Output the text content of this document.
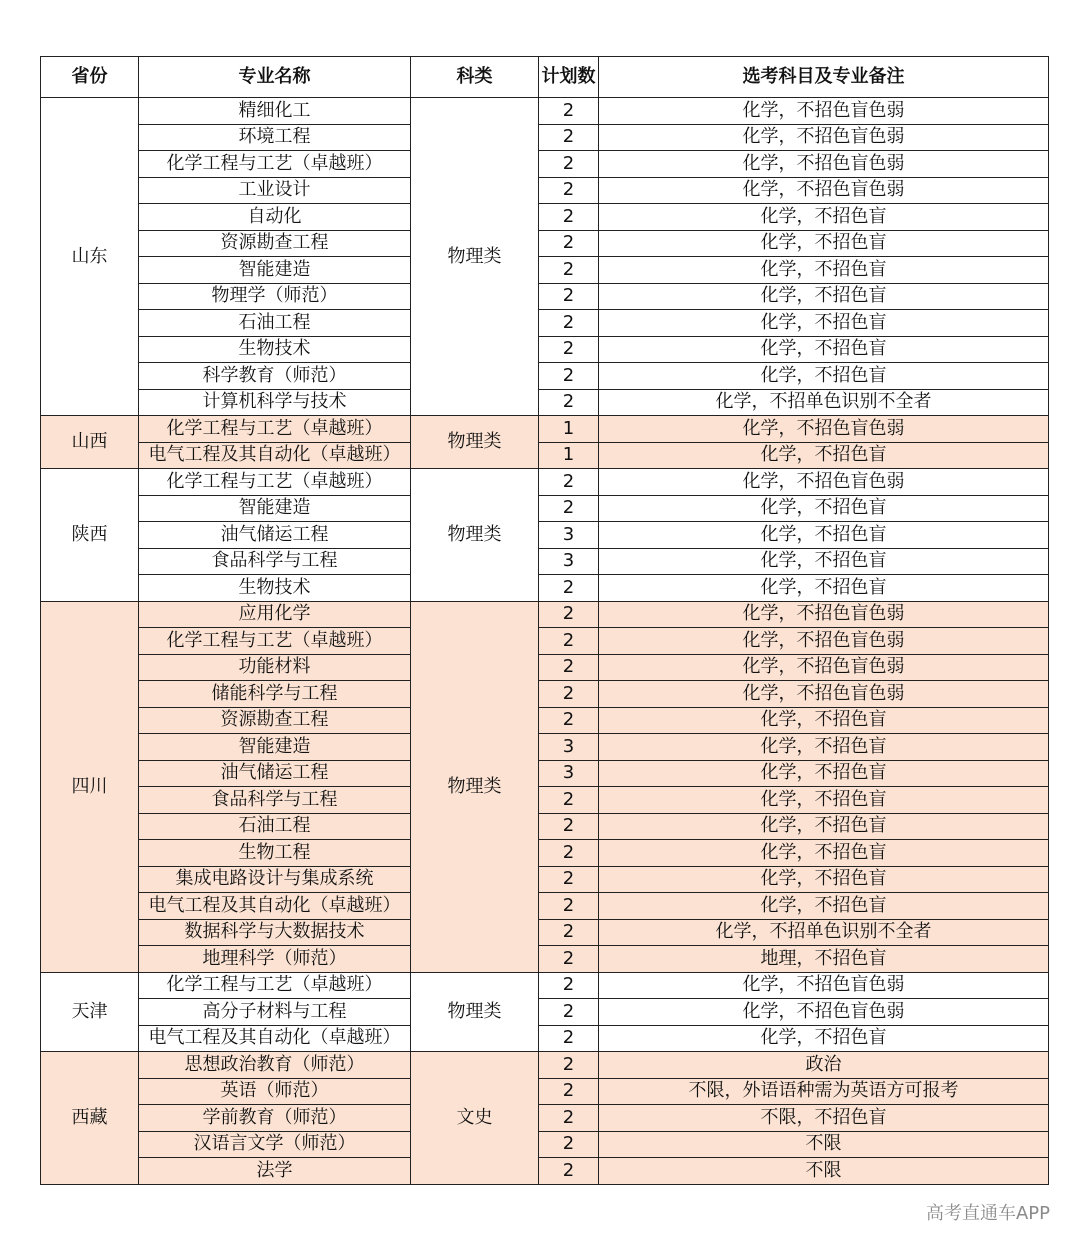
省份	专业名称	科类	计划数	选考科目及专业备注
山东	精细化工	物理类	2	化学，不招色盲色弱
	环境工程		2	化学，不招色盲色弱
	化学工程与工艺（卓越班）		2	化学，不招色盲色弱
	工业设计		2	化学，不招色盲色弱
	自动化		2	化学，不招色盲
	资源勘查工程		2	化学，不招色盲
	智能建造		2	化学，不招色盲
	物理学（师范）		2	化学，不招色盲
	石油工程		2	化学，不招色盲
	生物技术		2	化学，不招色盲
	科学教育（师范）		2	化学，不招色盲
	计算机科学与技术		2	化学，不招单色识别不全者
山西	化学工程与工艺（卓越班）	物理类	1	化学，不招色盲色弱
	电气工程及其自动化（卓越班）		1	化学，不招色盲
陕西	化学工程与工艺（卓越班）	物理类	2	化学，不招色盲色弱
	智能建造		2	化学，不招色盲
	油气储运工程		3	化学，不招色盲
	食品科学与工程		3	化学，不招色盲
	生物技术		2	化学，不招色盲
四川	应用化学	物理类	2	化学，不招色盲色弱
	化学工程与工艺（卓越班）		2	化学，不招色盲色弱
	功能材料		2	化学，不招色盲色弱
	储能科学与工程		2	化学，不招色盲色弱
	资源勘查工程		2	化学，不招色盲
	智能建造		3	化学，不招色盲
	油气储运工程		3	化学，不招色盲
	食品科学与工程		2	化学，不招色盲
	石油工程		2	化学，不招色盲
	生物工程		2	化学，不招色盲
	集成电路设计与集成系统		2	化学，不招色盲
	电气工程及其自动化（卓越班）		2	化学，不招色盲
	数据科学与大数据技术		2	化学，不招单色识别不全者
	地理科学（师范）		2	地理，不招色盲
天津	化学工程与工艺（卓越班）	物理类	2	化学，不招色盲色弱
	高分子材料与工程		2	化学，不招色盲色弱
	电气工程及其自动化（卓越班）		2	化学，不招色盲
西藏	思想政治教育（师范）	文史	2	政治
	英语（师范）		2	不限，外语语种需为英语方可报考
	学前教育（师范）		2	不限，不招色盲
	汉语言文学（师范）		2	不限
	法学		2	不限
高考直通车APP
